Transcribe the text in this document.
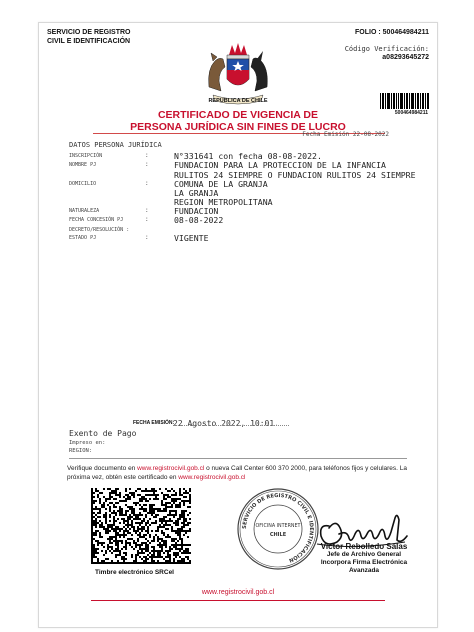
SERVICIO DE REGISTRO
CIVIL E IDENTIFICACIÓN
FOLIO : 500464984211
Código Verificación:
a08293645272
REPUBLICA DE CHILE
500464984211
CERTIFICADO DE VIGENCIA DE
PERSONA JURÍDICA SIN FINES DE LUCRO
Fecha Emisión 22-08-2022
DATOS PERSONA JURÍDICA
INSCRIPCIÓN	:	N°331641 con fecha 08-08-2022.
NOMBRE PJ	:	FUNDACION PARA LA PROTECCION DE LA INFANCIA
RULITOS 24 SIEMPRE O FUNDACION RULITOS 24 SIEMPRE
DOMICILIO	:	COMUNA DE LA GRANJA
LA GRANJA
REGION METROPOLITANA
NATURALEZA	:	FUNDACION
FECHA CONCESIÓN PJ	:	08-08-2022
DECRETO/RESOLUCIÓN :
ESTADO PJ	:	VIGENTE
FECHA EMISIÓN:
22 Agosto 2022, 10:01.
Exento de Pago
Impreso en:
REGION:
Verifique documento en www.registrocivil.gob.cl o nueva Call Center 600 370 2000, para teléfonos fijos y celulares. La próxima vez, obtén este certificado en www.registrocivil.gob.cl
Timbre electrónico SRCeI
SERVICIO DE REGISTRO CIVIL E IDENTIFICACIÓN
OFICINA INTERNET
CHILE
Victor Rebolledo Salas
Jefe de Archivo General
Incorpora Firma Electrónica
Avanzada
www.registrocivil.gob.cl
